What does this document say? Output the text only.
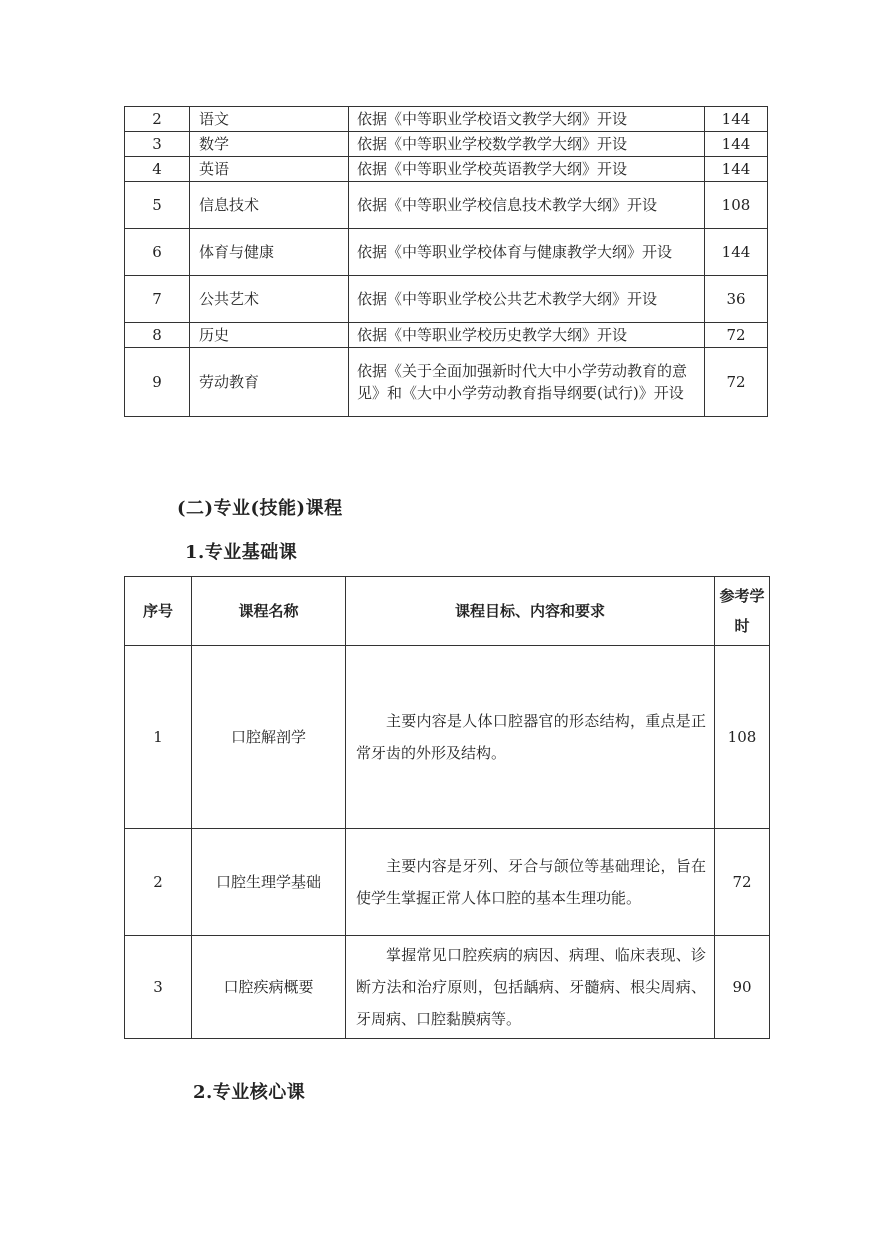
2	语文	依据《中等职业学校语文教学大纲》开设	144
3	数学	依据《中等职业学校数学教学大纲》开设	144
4	英语	依据《中等职业学校英语教学大纲》开设	144
5	信息技术	依据《中等职业学校信息技术教学大纲》开设	108
6	体育与健康	依据《中等职业学校体育与健康教学大纲》开设	144
7	公共艺术	依据《中等职业学校公共艺术教学大纲》开设	36
8	历史	依据《中等职业学校历史教学大纲》开设	72
9	劳动教育	依据《关于全面加强新时代大中小学劳动教育的意见》和《大中小学劳动教育指导纲要(试行)》开设	72
(二)专业(技能)课程
1.专业基础课
序号	课程名称	课程目标、内容和要求	参考学时
1	口腔解剖学	主要内容是人体口腔器官的形态结构，重点是正常牙齿的外形及结构。	108
2	口腔生理学基础	主要内容是牙列、牙合与颌位等基础理论，旨在使学生掌握正常人体口腔的基本生理功能。	72
3	口腔疾病概要	掌握常见口腔疾病的病因、病理、临床表现、诊断方法和治疗原则，包括龋病、牙髓病、根尖周病、牙周病、口腔黏膜病等。	90
2.专业核心课
